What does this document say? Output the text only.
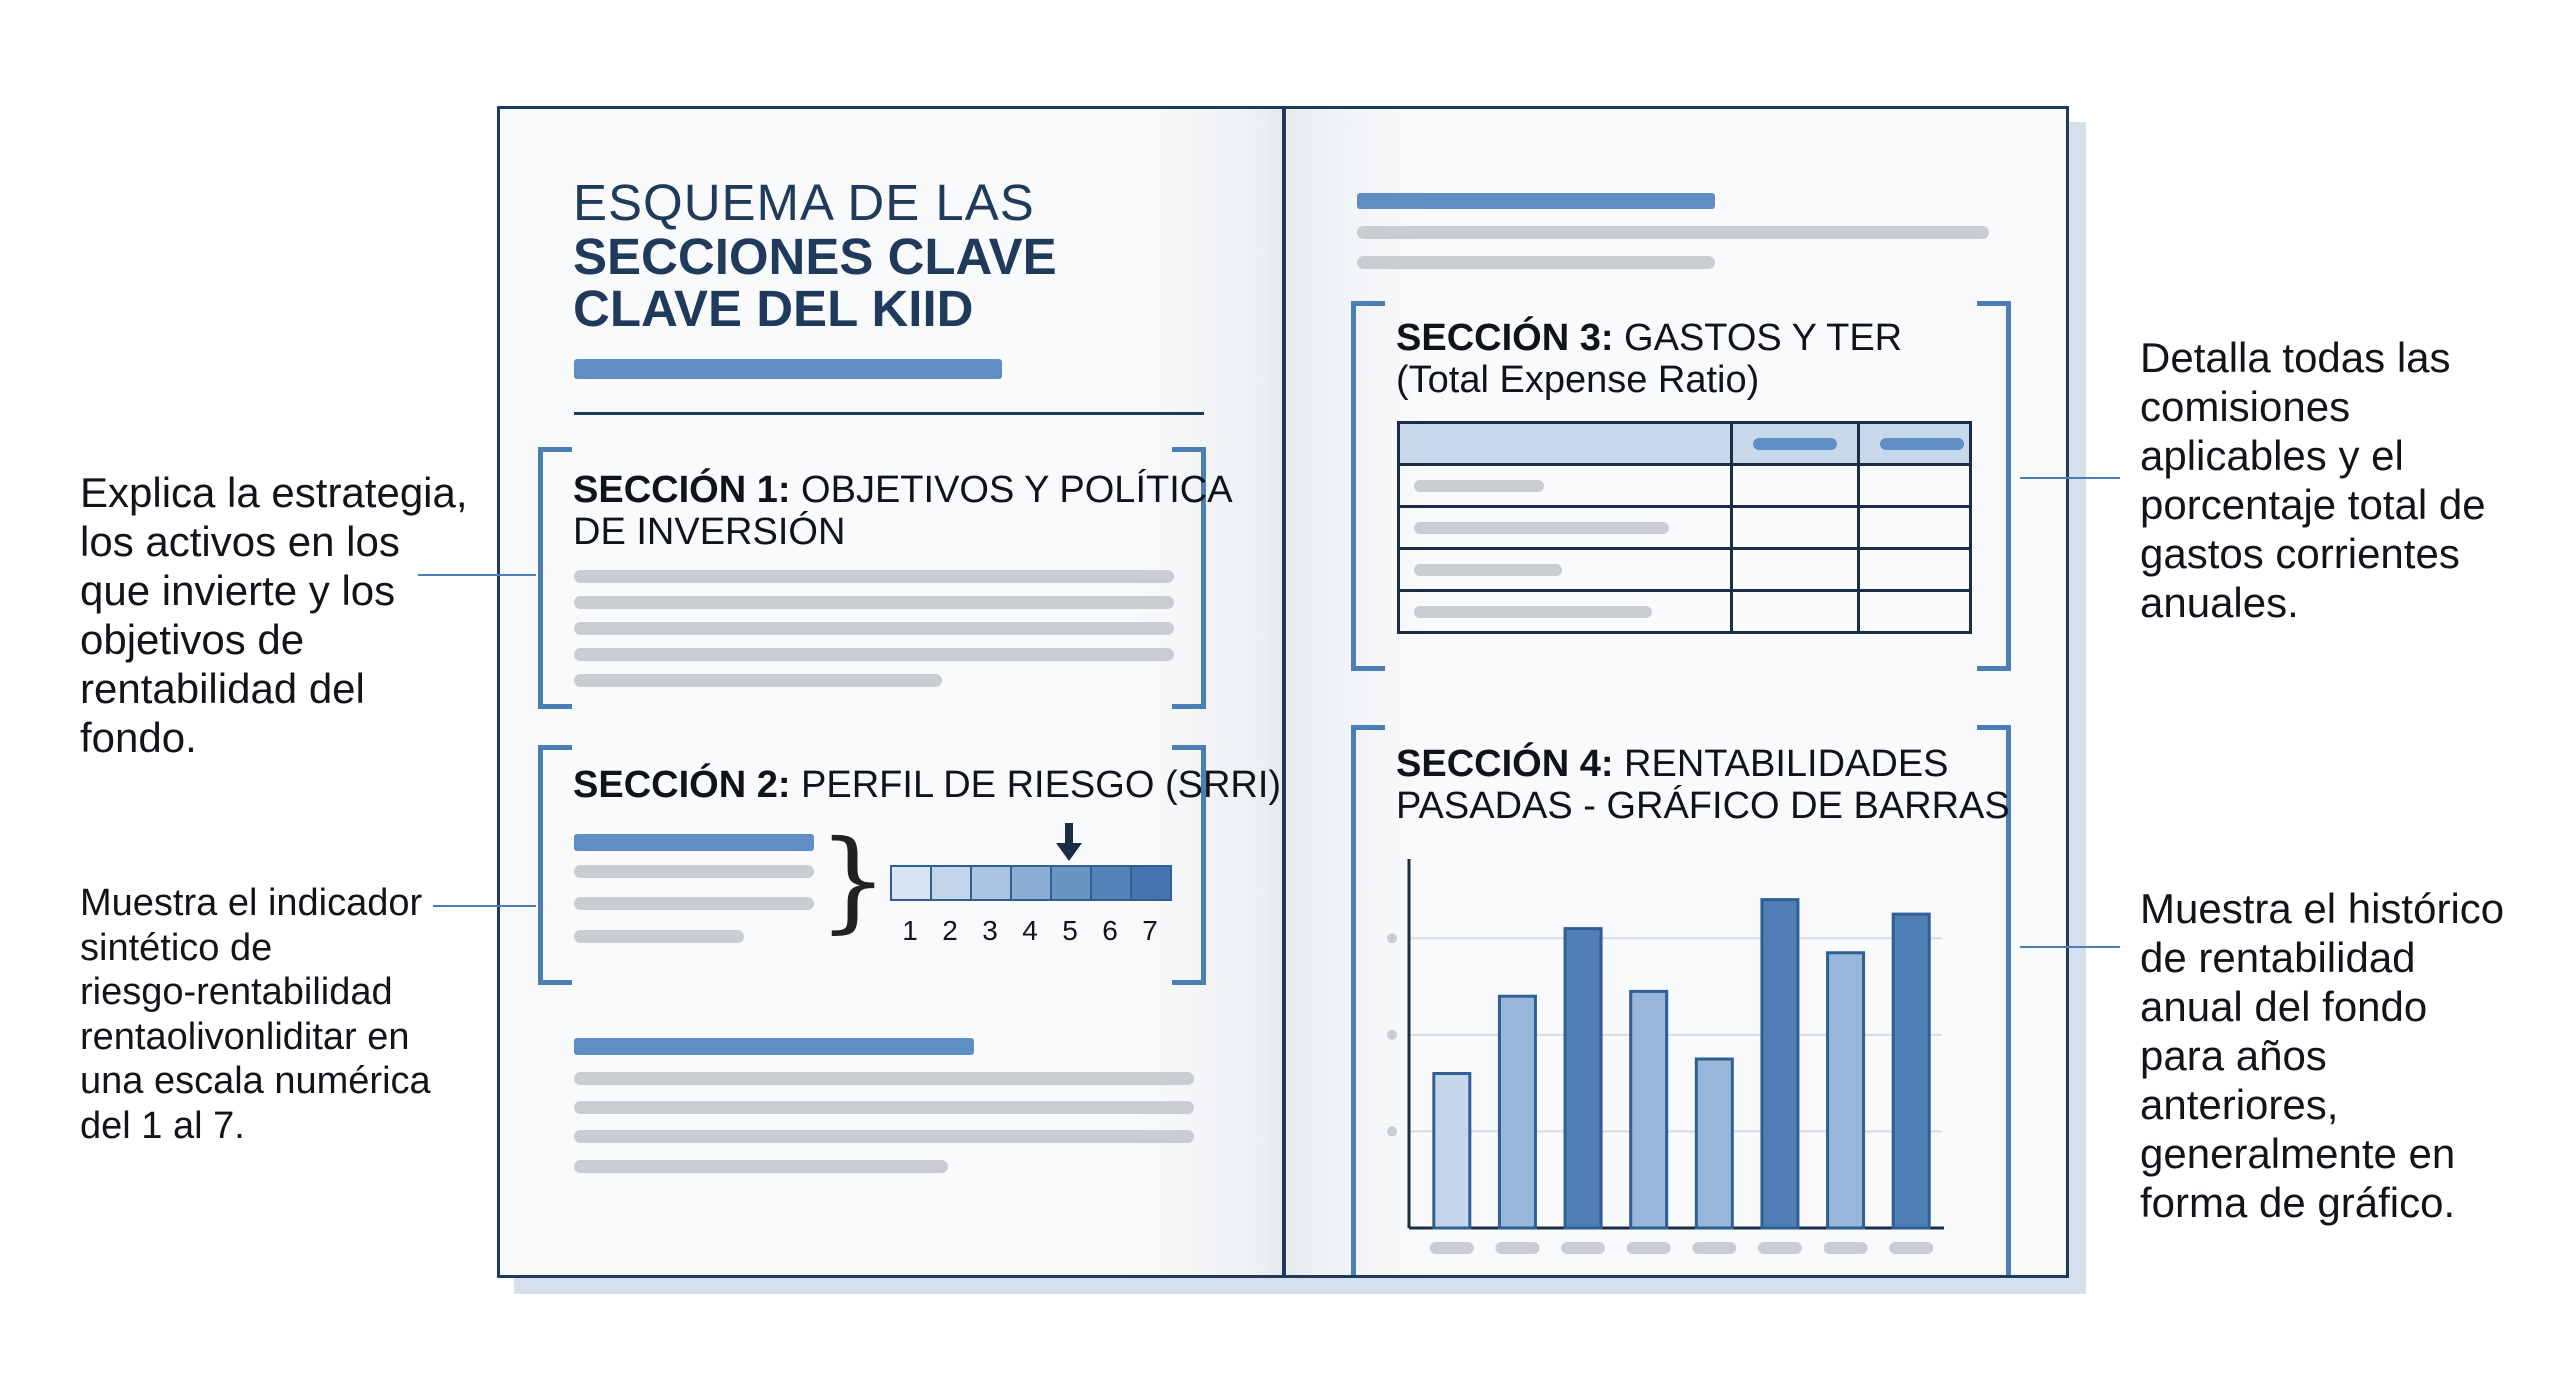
ESQUEMA DE LAS
SECCIONES CLAVE
CLAVE DEL KIID
SECCIÓN 1: OBJETIVOS Y POLÍTICA
DE INVERSIÓN
SECCIÓN 2: PERFIL DE RIESGO (SRRI)
} 1 2 3 4 5 6 7
SECCIÓN 3: GASTOS Y TER
(Total Expense Ratio)

SECCIÓN 4: RENTABILIDADES
PASADAS - GRÁFICO DE BARRAS
Explica la estrategia,
los activos en los
que invierte y los
objetivos de
rentabilidad del
fondo.
Muestra el indicador
sintético de
riesgo-rentabilidad
rentaolivonliditar en
una escala numérica
del 1 al 7.
Detalla todas las
comisiones
aplicables y el
porcentaje total de
gastos corrientes
anuales.
Muestra el histórico
de rentabilidad
anual del fondo
para años
anteriores,
generalmente en
forma de gráfico.
